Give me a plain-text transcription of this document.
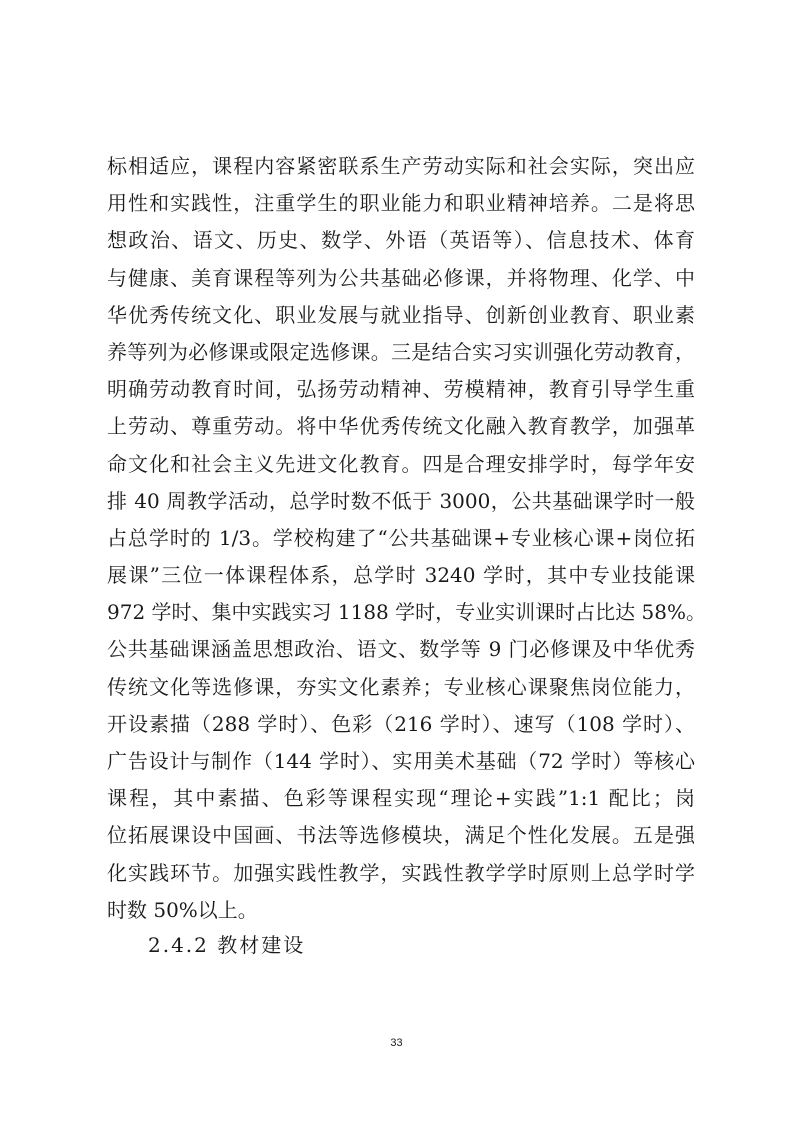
标相适应，课程内容紧密联系生产劳动实际和社会实际，突出应
用性和实践性，注重学生的职业能力和职业精神培养。二是将思
想政治、语文、历史、数学、外语（英语等）、信息技术、体育
与健康、美育课程等列为公共基础必修课，并将物理、化学、中
华优秀传统文化、职业发展与就业指导、创新创业教育、职业素
养等列为必修课或限定选修课。三是结合实习实训强化劳动教育，
明确劳动教育时间，弘扬劳动精神、劳模精神，教育引导学生重
上劳动、尊重劳动。将中华优秀传统文化融入教育教学，加强革
命文化和社会主义先进文化教育。四是合理安排学时，每学年安
排 40 周教学活动，总学时数不低于 3000，公共基础课学时一般
占总学时的 1/3。学校构建了“公共基础课+专业核心课+岗位拓
展课”三位一体课程体系，总学时 3240 学时，其中专业技能课
972 学时、集中实践实习 1188 学时，专业实训课时占比达 58%。
公共基础课涵盖思想政治、语文、数学等 9 门必修课及中华优秀
传统文化等选修课，夯实文化素养；专业核心课聚焦岗位能力，
开设素描（288 学时）、色彩（216 学时）、速写（108 学时）、
广告设计与制作（144 学时）、实用美术基础（72 学时）等核心
课程，其中素描、色彩等课程实现“理论+实践”1:1 配比；岗
位拓展课设中国画、书法等选修模块，满足个性化发展。五是强
化实践环节。加强实践性教学，实践性教学学时原则上总学时学
时数 50%以上。
2.4.2 教材建设
33
